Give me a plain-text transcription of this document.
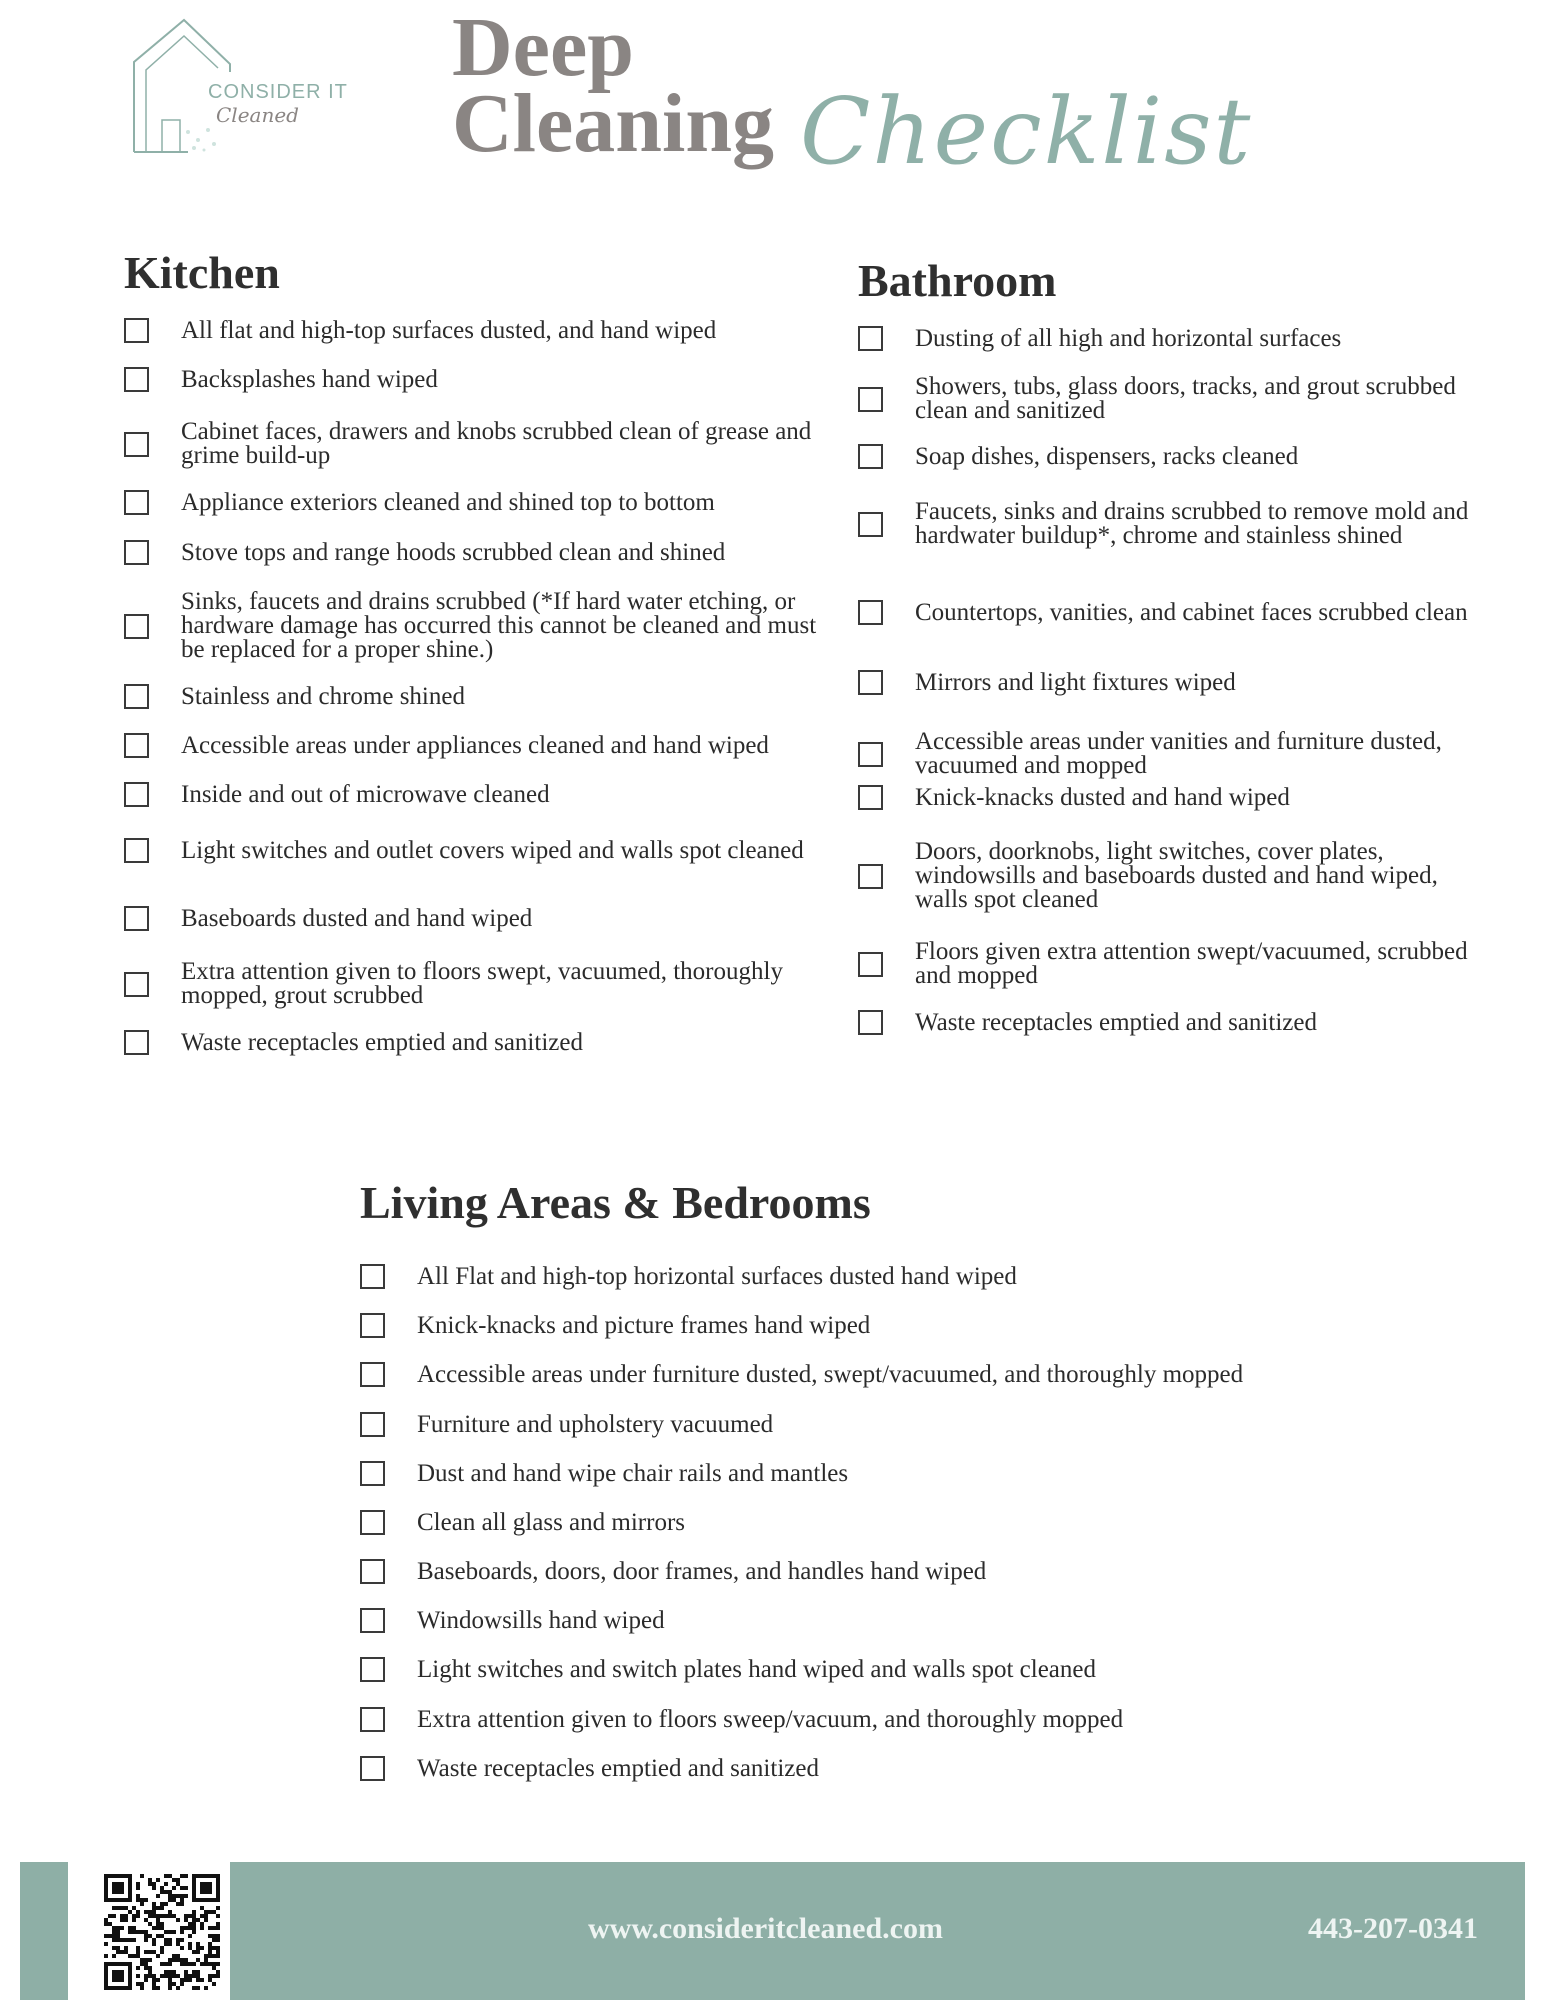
CONSIDER IT
Cleaned
Deep
Cleaning Checklist
Kitchen
All flat and high-top surfaces dusted, and hand wiped
Backsplashes hand wiped
Cabinet faces, drawers and knobs scrubbed clean of grease and grime build-up
Appliance exteriors cleaned and shined top to bottom
Stove tops and range hoods scrubbed clean and shined
Sinks, faucets and drains scrubbed (*If hard water etching, or hardware damage has occurred this cannot be cleaned and must be replaced for a proper shine.)
Stainless and chrome shined
Accessible areas under appliances cleaned and hand wiped
Inside and out of microwave cleaned
Light switches and outlet covers wiped and walls spot cleaned
Baseboards dusted and hand wiped
Extra attention given to floors swept, vacuumed, thoroughly mopped, grout scrubbed
Waste receptacles emptied and sanitized
Bathroom
Dusting of all high and horizontal surfaces
Showers, tubs, glass doors, tracks, and grout scrubbed clean and sanitized
Soap dishes, dispensers, racks cleaned
Faucets, sinks and drains scrubbed to remove mold and hardwater buildup*, chrome and stainless shined
Countertops, vanities, and cabinet faces scrubbed clean
Mirrors and light fixtures wiped
Accessible areas under vanities and furniture dusted, vacuumed and mopped
Knick-knacks dusted and hand wiped
Doors, doorknobs, light switches, cover plates, windowsills and baseboards dusted and hand wiped, walls spot cleaned
Floors given extra attention swept/vacuumed, scrubbed and mopped
Waste receptacles emptied and sanitized
Living Areas & Bedrooms
All Flat and high-top horizontal surfaces dusted hand wiped
Knick-knacks and picture frames hand wiped
Accessible areas under furniture dusted, swept/vacuumed, and thoroughly mopped
Furniture and upholstery vacuumed
Dust and hand wipe chair rails and mantles
Clean all glass and mirrors
Baseboards, doors, door frames, and handles hand wiped
Windowsills hand wiped
Light switches and switch plates hand wiped and walls spot cleaned
Extra attention given to floors sweep/vacuum, and thoroughly mopped
Waste receptacles emptied and sanitized
www.consideritcleaned.com	443-207-0341
